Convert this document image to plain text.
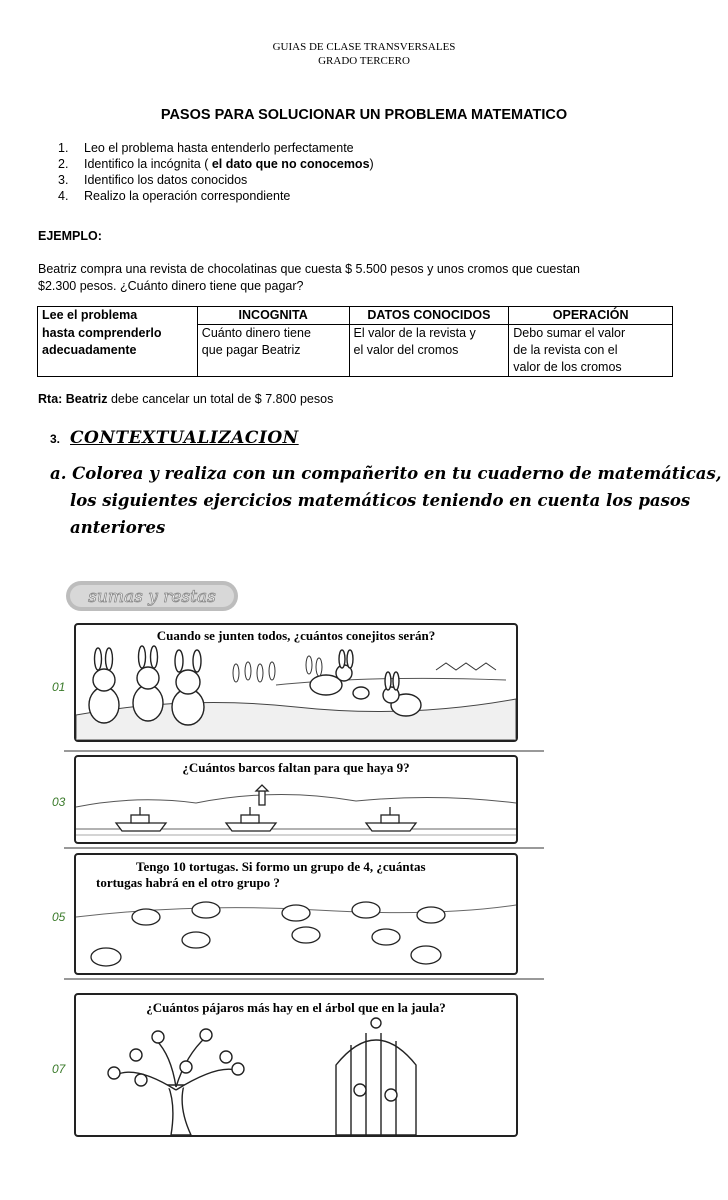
GUIAS DE CLASE TRANSVERSALES
GRADO TERCERO
PASOS PARA SOLUCIONAR UN PROBLEMA MATEMATICO
1. Leo el problema hasta entenderlo perfectamente
2. Identifico la incógnita ( el dato que no conocemos)
3. Identifico los datos conocidos
4. Realizo la operación correspondiente
EJEMPLO:
Beatriz compra una revista de chocolatinas que cuesta $ 5.500 pesos y unos cromos que cuestan
$2.300 pesos. ¿Cuánto dinero tiene que pagar?
Lee el problema	INCOGNITA	DATOS CONOCIDOS	OPERACIÓN
hasta comprenderlo	Cuánto dinero tiene	El valor de la revista y	Debo sumar el valor
adecuadamente	que pagar Beatriz	el valor del cromos	de la revista con el
			valor de los cromos
Rta: Beatriz debe cancelar un total de $ 7.800 pesos
3. CONTEXTUALIZACION
a. Colorea y realiza con un compañerito en tu cuaderno de matemáticas,
los siguientes ejercicios matemáticos teniendo en cuenta los pasos
anteriores
sumas y restas
01
Cuando se junten todos, ¿cuántos conejitos serán?
03
¿Cuántos barcos faltan para que haya 9?
05
Tengo 10 tortugas. Si formo un grupo de 4, ¿cuántas
tortugas habrá en el otro grupo ?
07
¿Cuántos pájaros más hay en el árbol que en la jaula?
